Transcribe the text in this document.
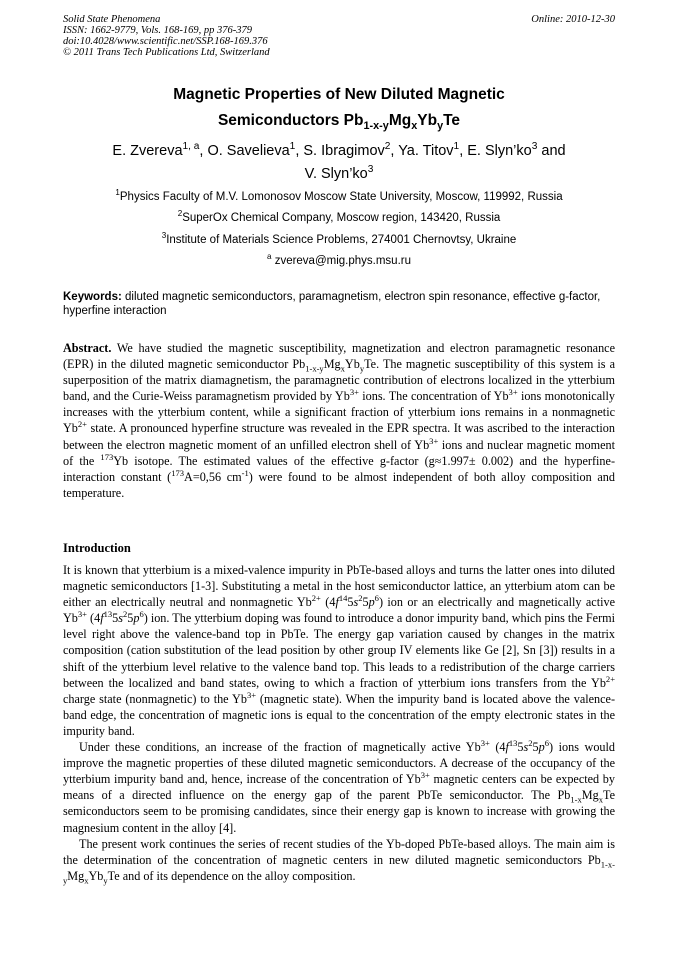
Solid State Phenomena
ISSN: 1662-9779, Vols. 168-169, pp 376-379
doi:10.4028/www.scientific.net/SSP.168-169.376
© 2011 Trans Tech Publications Ltd, Switzerland
Online: 2010-12-30
Magnetic Properties of New Diluted Magnetic
Semiconductors $Pb_{1-x-y}Mg_xYb_yTe$
E. Zvereva$^{1, a}$, O. Savelieva$^1$, S. Ibragimov$^2$, Ya. Titov$^1$, E. $Slyn’ko^3$ and
V. $Slyn’ko^3$
$^1$Physics Faculty of M.V. Lomonosov Moscow State University, Moscow, 119992, Russia
$^2$SuperOx Chemical Company, Moscow region, 143420, Russia
$^3$Institute of Materials Science Problems, 274001 Chernovtsy, Ukraine
$^a$ zvereva@mig.phys.msu.ru
Keywords: diluted magnetic semiconductors, paramagnetism, electron spin resonance, effective g-factor, hyperfine interaction
Abstract. We have studied the magnetic susceptibility, magnetization and electron paramagnetic resonance (EPR) in the diluted magnetic semiconductor $Pb_{1-x-y}Mg_xYb_yTe$. The magnetic susceptibility of this system is a superposition of the matrix diamagnetism, the paramagnetic contribution of electrons localized in the ytterbium band, and the Curie-Weiss paramagnetism provided by $Yb^{3+}$ ions. The concentration of $Yb^{3+}$ ions monotonically increases with the ytterbium content, while a significant fraction of ytterbium ions remains in a nonmagnetic $Yb^{2+}$ state. A pronounced hyperfine structure was revealed in the EPR spectra. It was ascribed to the interaction between the electron magnetic moment of an unfilled electron shell of $Yb^{3+}$ ions and nuclear magnetic moment of the $^{173}$Yb isotope. The estimated values of the effective g-factor (g≈1.997± 0.002) and the hyperfine-interaction constant ($^{173}$A=0,56 $cm^{-1}$) were found to be almost independent of both alloy composition and temperature.
Introduction

It is known that ytterbium is a mixed-valence impurity in PbTe-based alloys and turns the latter ones into diluted magnetic semiconductors [1-3]. Substituting a metal in the host semiconductor lattice, an ytterbium atom can be either an electrically neutral and nonmagnetic $Yb^{2+}$ $(4f^{14}5s^25p^6)$ ion or an electrically and magnetically active $Yb^{3+}$ $(4f^{13}5s^25p^6)$ ion. The ytterbium doping was found to introduce a donor impurity band, which pins the Fermi level right above the valence-band top in PbTe. The energy gap variation caused by changes in the matrix composition (cation substitution of the lead position by other group IV elements like Ge [2], Sn [3]) results in a shift of the ytterbium level relative to the valence band top. This leads to a redistribution of the charge carriers between the localized and band states, owing to which a fraction of ytterbium ions transfers from the $Yb^{2+}$ charge state (nonmagnetic) to the $Yb^{3+}$ (magnetic state). When the impurity band is located above the valence-band edge, the concentration of magnetic ions is equal to the concentration of the empty electronic states in the impurity band.

Under these conditions, an increase of the fraction of magnetically active $Yb^{3+}$ $(4f^{13}5s^25p^6)$ ions would improve the magnetic properties of these diluted magnetic semiconductors. A decrease of the occupancy of the ytterbium impurity band and, hence, increase of the concentration of $Yb^{3+}$ magnetic centers can be expected by means of a directed influence on the energy gap of the parent PbTe semiconductor. The $Pb_{1-x}Mg_xTe$ semiconductors seem to be promising candidates, since their energy gap is known to increase with growing the magnesium content in the alloy [4].

The present work continues the series of recent studies of the Yb-doped PbTe-based alloys. The main aim is the determination of the concentration of magnetic centers in new diluted magnetic semiconductors $Pb_{1-x-y}Mg_xYb_yTe$ and of its dependence on the alloy composition.
